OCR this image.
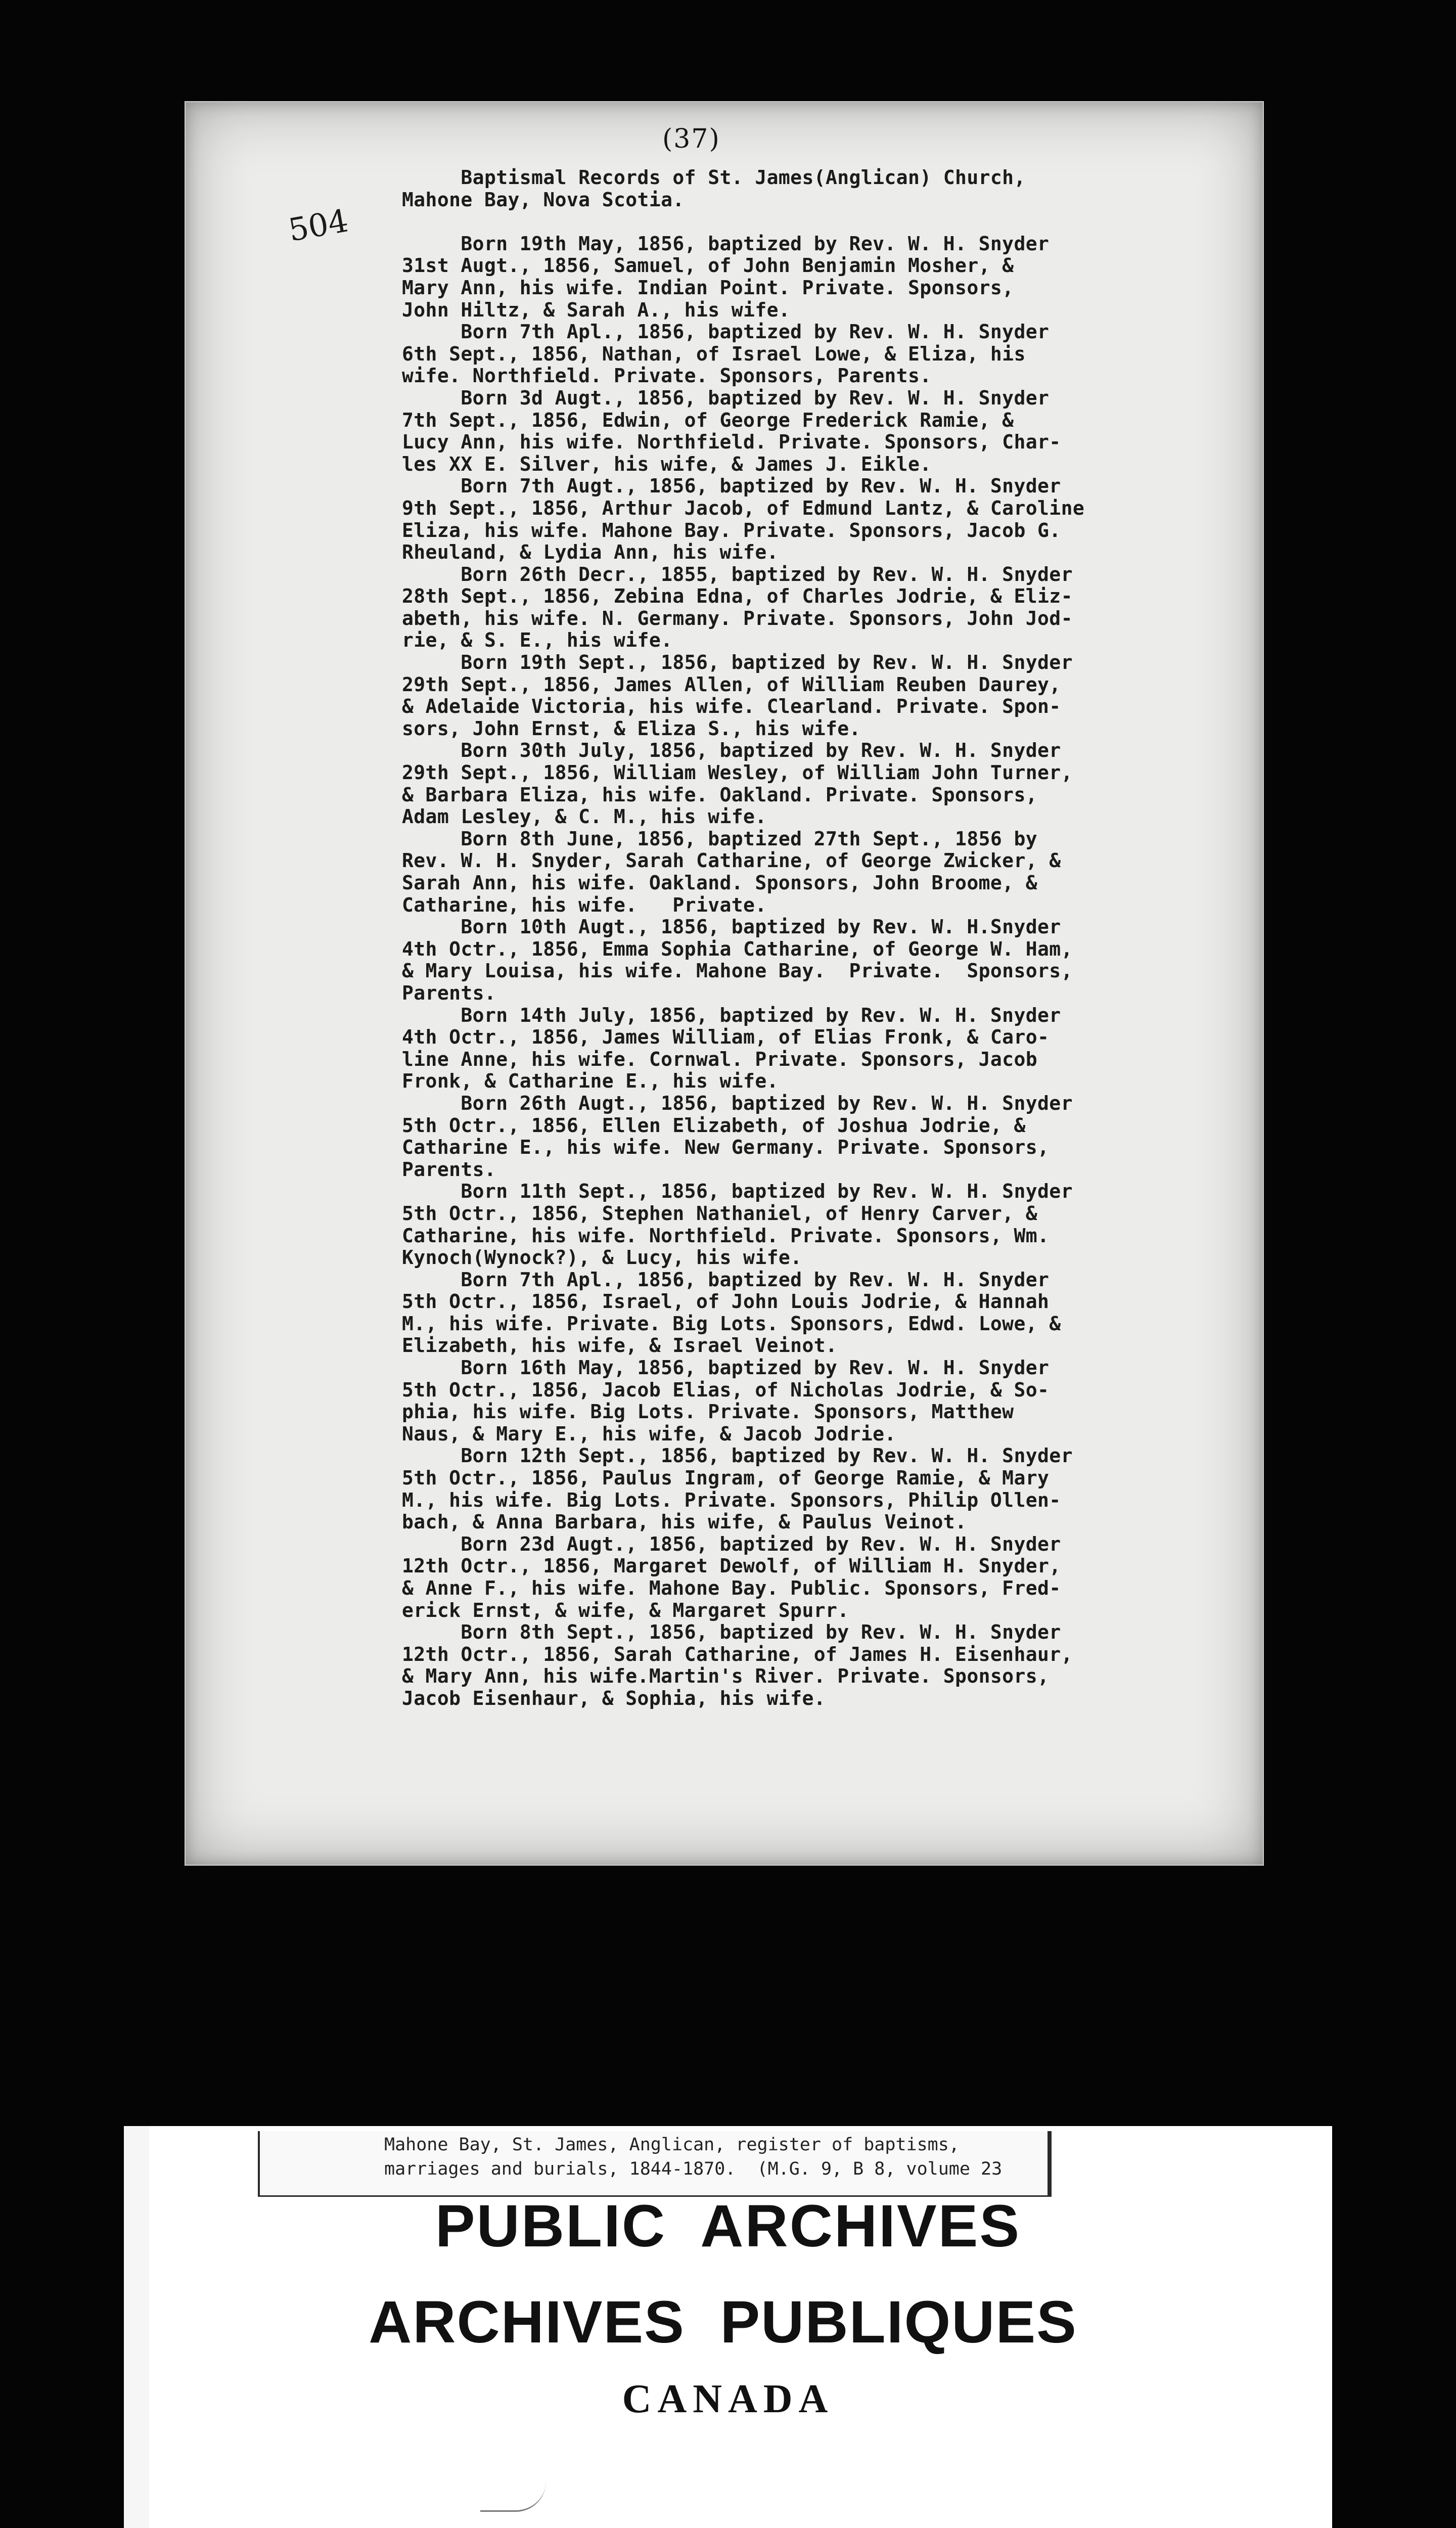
(37)
504
Baptismal Records of St. James(Anglican) Church,
Mahone Bay, Nova Scotia.

Born 19th May, 1856, baptized by Rev. W. H. Snyder
31st Augt., 1856, Samuel, of John Benjamin Mosher, &
Mary Ann, his wife. Indian Point. Private. Sponsors,
John Hiltz, & Sarah A., his wife.
Born 7th Apl., 1856, baptized by Rev. W. H. Snyder
6th Sept., 1856, Nathan, of Israel Lowe, & Eliza, his
wife. Northfield. Private. Sponsors, Parents.
Born 3d Augt., 1856, baptized by Rev. W. H. Snyder
7th Sept., 1856, Edwin, of George Frederick Ramie, &
Lucy Ann, his wife. Northfield. Private. Sponsors, Char-
les XX E. Silver, his wife, & James J. Eikle.
Born 7th Augt., 1856, baptized by Rev. W. H. Snyder
9th Sept., 1856, Arthur Jacob, of Edmund Lantz, & Caroline
Eliza, his wife. Mahone Bay. Private. Sponsors, Jacob G.
Rheuland, & Lydia Ann, his wife.
Born 26th Decr., 1855, baptized by Rev. W. H. Snyder
28th Sept., 1856, Zebina Edna, of Charles Jodrie, & Eliz-
abeth, his wife. N. Germany. Private. Sponsors, John Jod-
rie, & S. E., his wife.
Born 19th Sept., 1856, baptized by Rev. W. H. Snyder
29th Sept., 1856, James Allen, of William Reuben Daurey,
& Adelaide Victoria, his wife. Clearland. Private. Spon-
sors, John Ernst, & Eliza S., his wife.
Born 30th July, 1856, baptized by Rev. W. H. Snyder
29th Sept., 1856, William Wesley, of William John Turner,
& Barbara Eliza, his wife. Oakland. Private. Sponsors,
Adam Lesley, & C. M., his wife.
Born 8th June, 1856, baptized 27th Sept., 1856 by
Rev. W. H. Snyder, Sarah Catharine, of George Zwicker, &
Sarah Ann, his wife. Oakland. Sponsors, John Broome, &
Catharine, his wife.   Private.
Born 10th Augt., 1856, baptized by Rev. W. H.Snyder
4th Octr., 1856, Emma Sophia Catharine, of George W. Ham,
& Mary Louisa, his wife. Mahone Bay.  Private.  Sponsors,
Parents.
Born 14th July, 1856, baptized by Rev. W. H. Snyder
4th Octr., 1856, James William, of Elias Fronk, & Caro-
line Anne, his wife. Cornwal. Private. Sponsors, Jacob
Fronk, & Catharine E., his wife.
Born 26th Augt., 1856, baptized by Rev. W. H. Snyder
5th Octr., 1856, Ellen Elizabeth, of Joshua Jodrie, &
Catharine E., his wife. New Germany. Private. Sponsors,
Parents.
Born 11th Sept., 1856, baptized by Rev. W. H. Snyder
5th Octr., 1856, Stephen Nathaniel, of Henry Carver, &
Catharine, his wife. Northfield. Private. Sponsors, Wm.
Kynoch(Wynock?), & Lucy, his wife.
Born 7th Apl., 1856, baptized by Rev. W. H. Snyder
5th Octr., 1856, Israel, of John Louis Jodrie, & Hannah
M., his wife. Private. Big Lots. Sponsors, Edwd. Lowe, &
Elizabeth, his wife, & Israel Veinot.
Born 16th May, 1856, baptized by Rev. W. H. Snyder
5th Octr., 1856, Jacob Elias, of Nicholas Jodrie, & So-
phia, his wife. Big Lots. Private. Sponsors, Matthew
Naus, & Mary E., his wife, & Jacob Jodrie.
Born 12th Sept., 1856, baptized by Rev. W. H. Snyder
5th Octr., 1856, Paulus Ingram, of George Ramie, & Mary
M., his wife. Big Lots. Private. Sponsors, Philip Ollen-
bach, & Anna Barbara, his wife, & Paulus Veinot.
Born 23d Augt., 1856, baptized by Rev. W. H. Snyder
12th Octr., 1856, Margaret Dewolf, of William H. Snyder,
& Anne F., his wife. Mahone Bay. Public. Sponsors, Fred-
erick Ernst, & wife, & Margaret Spurr.
Born 8th Sept., 1856, baptized by Rev. W. H. Snyder
12th Octr., 1856, Sarah Catharine, of James H. Eisenhaur,
& Mary Ann, his wife.Martin's River. Private. Sponsors,
Jacob Eisenhaur, & Sophia, his wife.
Mahone Bay, St. James, Anglican, register of baptisms,
marriages and burials, 1844-1870.  (M.G. 9, B 8, volume 23
PUBLIC  ARCHIVES
ARCHIVES  PUBLIQUES
CANADA
